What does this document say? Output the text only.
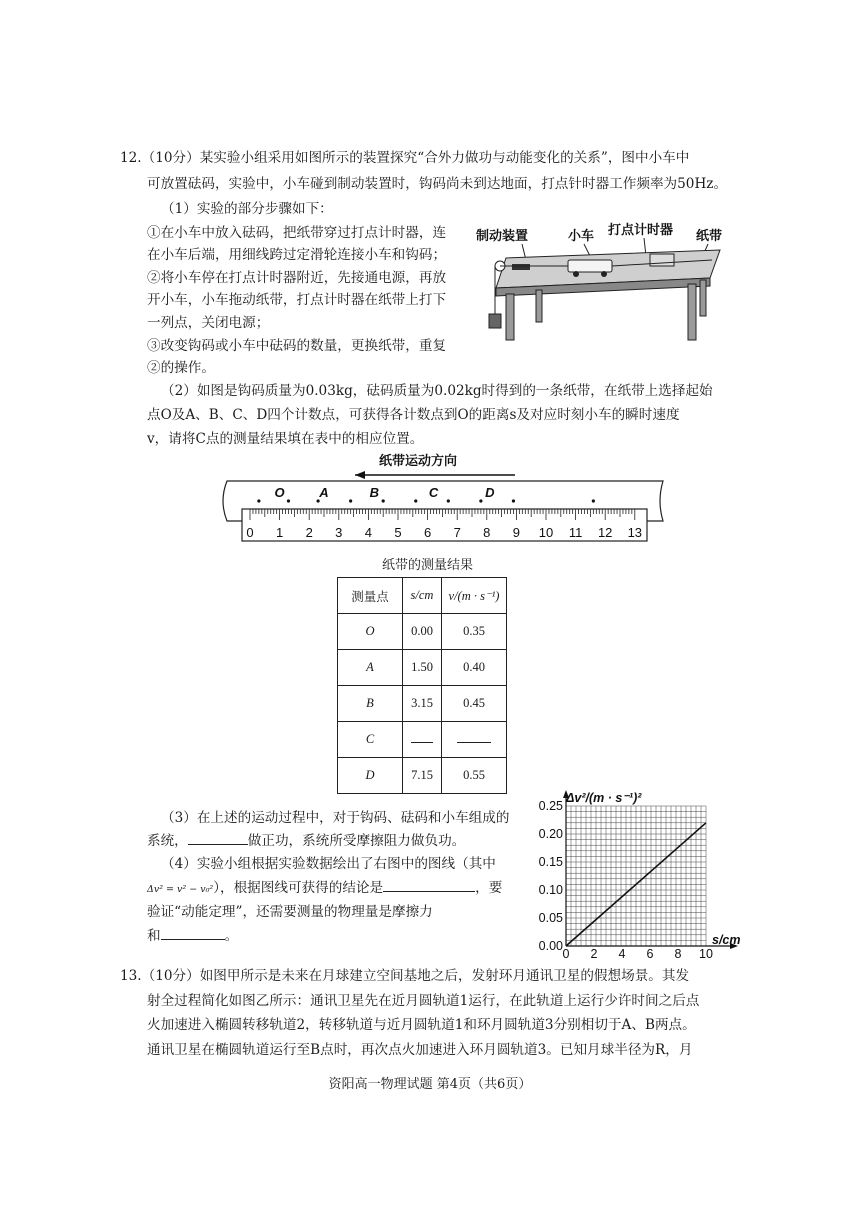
12.（10分）某实验小组采用如图所示的装置探究“合外力做功与动能变化的关系”，图中小车中
可放置砝码，实验中，小车碰到制动装置时，钩码尚未到达地面，打点针时器工作频率为50Hz。
（1）实验的部分步骤如下：
①在小车中放入砝码，把纸带穿过打点计时器，连
在小车后端，用细线跨过定滑轮连接小车和钩码；
②将小车停在打点计时器附近，先接通电源，再放
开小车，小车拖动纸带，打点计时器在纸带上打下
一列点，关闭电源；
③改变钩码或小车中砝码的数量，更换纸带，重复
②的操作。
制动装置	小车 打点计时器 纸带
（2）如图是钩码质量为0.03kg，砝码质量为0.02kg时得到的一条纸带，在纸带上选择起始
点O及A、B、C、D四个计数点，可获得各计数点到O的距离s及对应时刻小车的瞬时速度
v，请将C点的测量结果填在表中的相应位置。
纸带运动方向
O	A	B	C	D
0 1 2 3 4 5 6 7 8 9 10 11 12 13
纸带的测量结果
测量点	s/cm	v/(m · s⁻¹)
O	0.00	0.35
A	1.50	0.40
B	3.15	0.45
C		
D	7.15	0.55
（3）在上述的运动过程中，对于钩码、砝码和小车组成的
系统，	做正功，系统所受摩擦阻力做负功。
（4）实验小组根据实验数据绘出了右图中的图线（其中
Δv² = v² − v₀²），根据图线可获得的结论是	，要
验证“动能定理”，还需要测量的物理量是摩擦力
和	。
0.00
0.05
0.10
0.15
0.20
0.25
0 2 4 6 8 10
Δv²/(m · s⁻¹)²
s/cm
13.（10分）如图甲所示是未来在月球建立空间基地之后，发射环月通讯卫星的假想场景。其发
射全过程简化如图乙所示：通讯卫星先在近月圆轨道1运行，在此轨道上运行少许时间之后点
火加速进入椭圆转移轨道2，转移轨道与近月圆轨道1和环月圆轨道3分别相切于A、B两点。
通讯卫星在椭圆轨道运行至B点时，再次点火加速进入环月圆轨道3。已知月球半径为R，月
资阳高一物理试题 第4页（共6页）
